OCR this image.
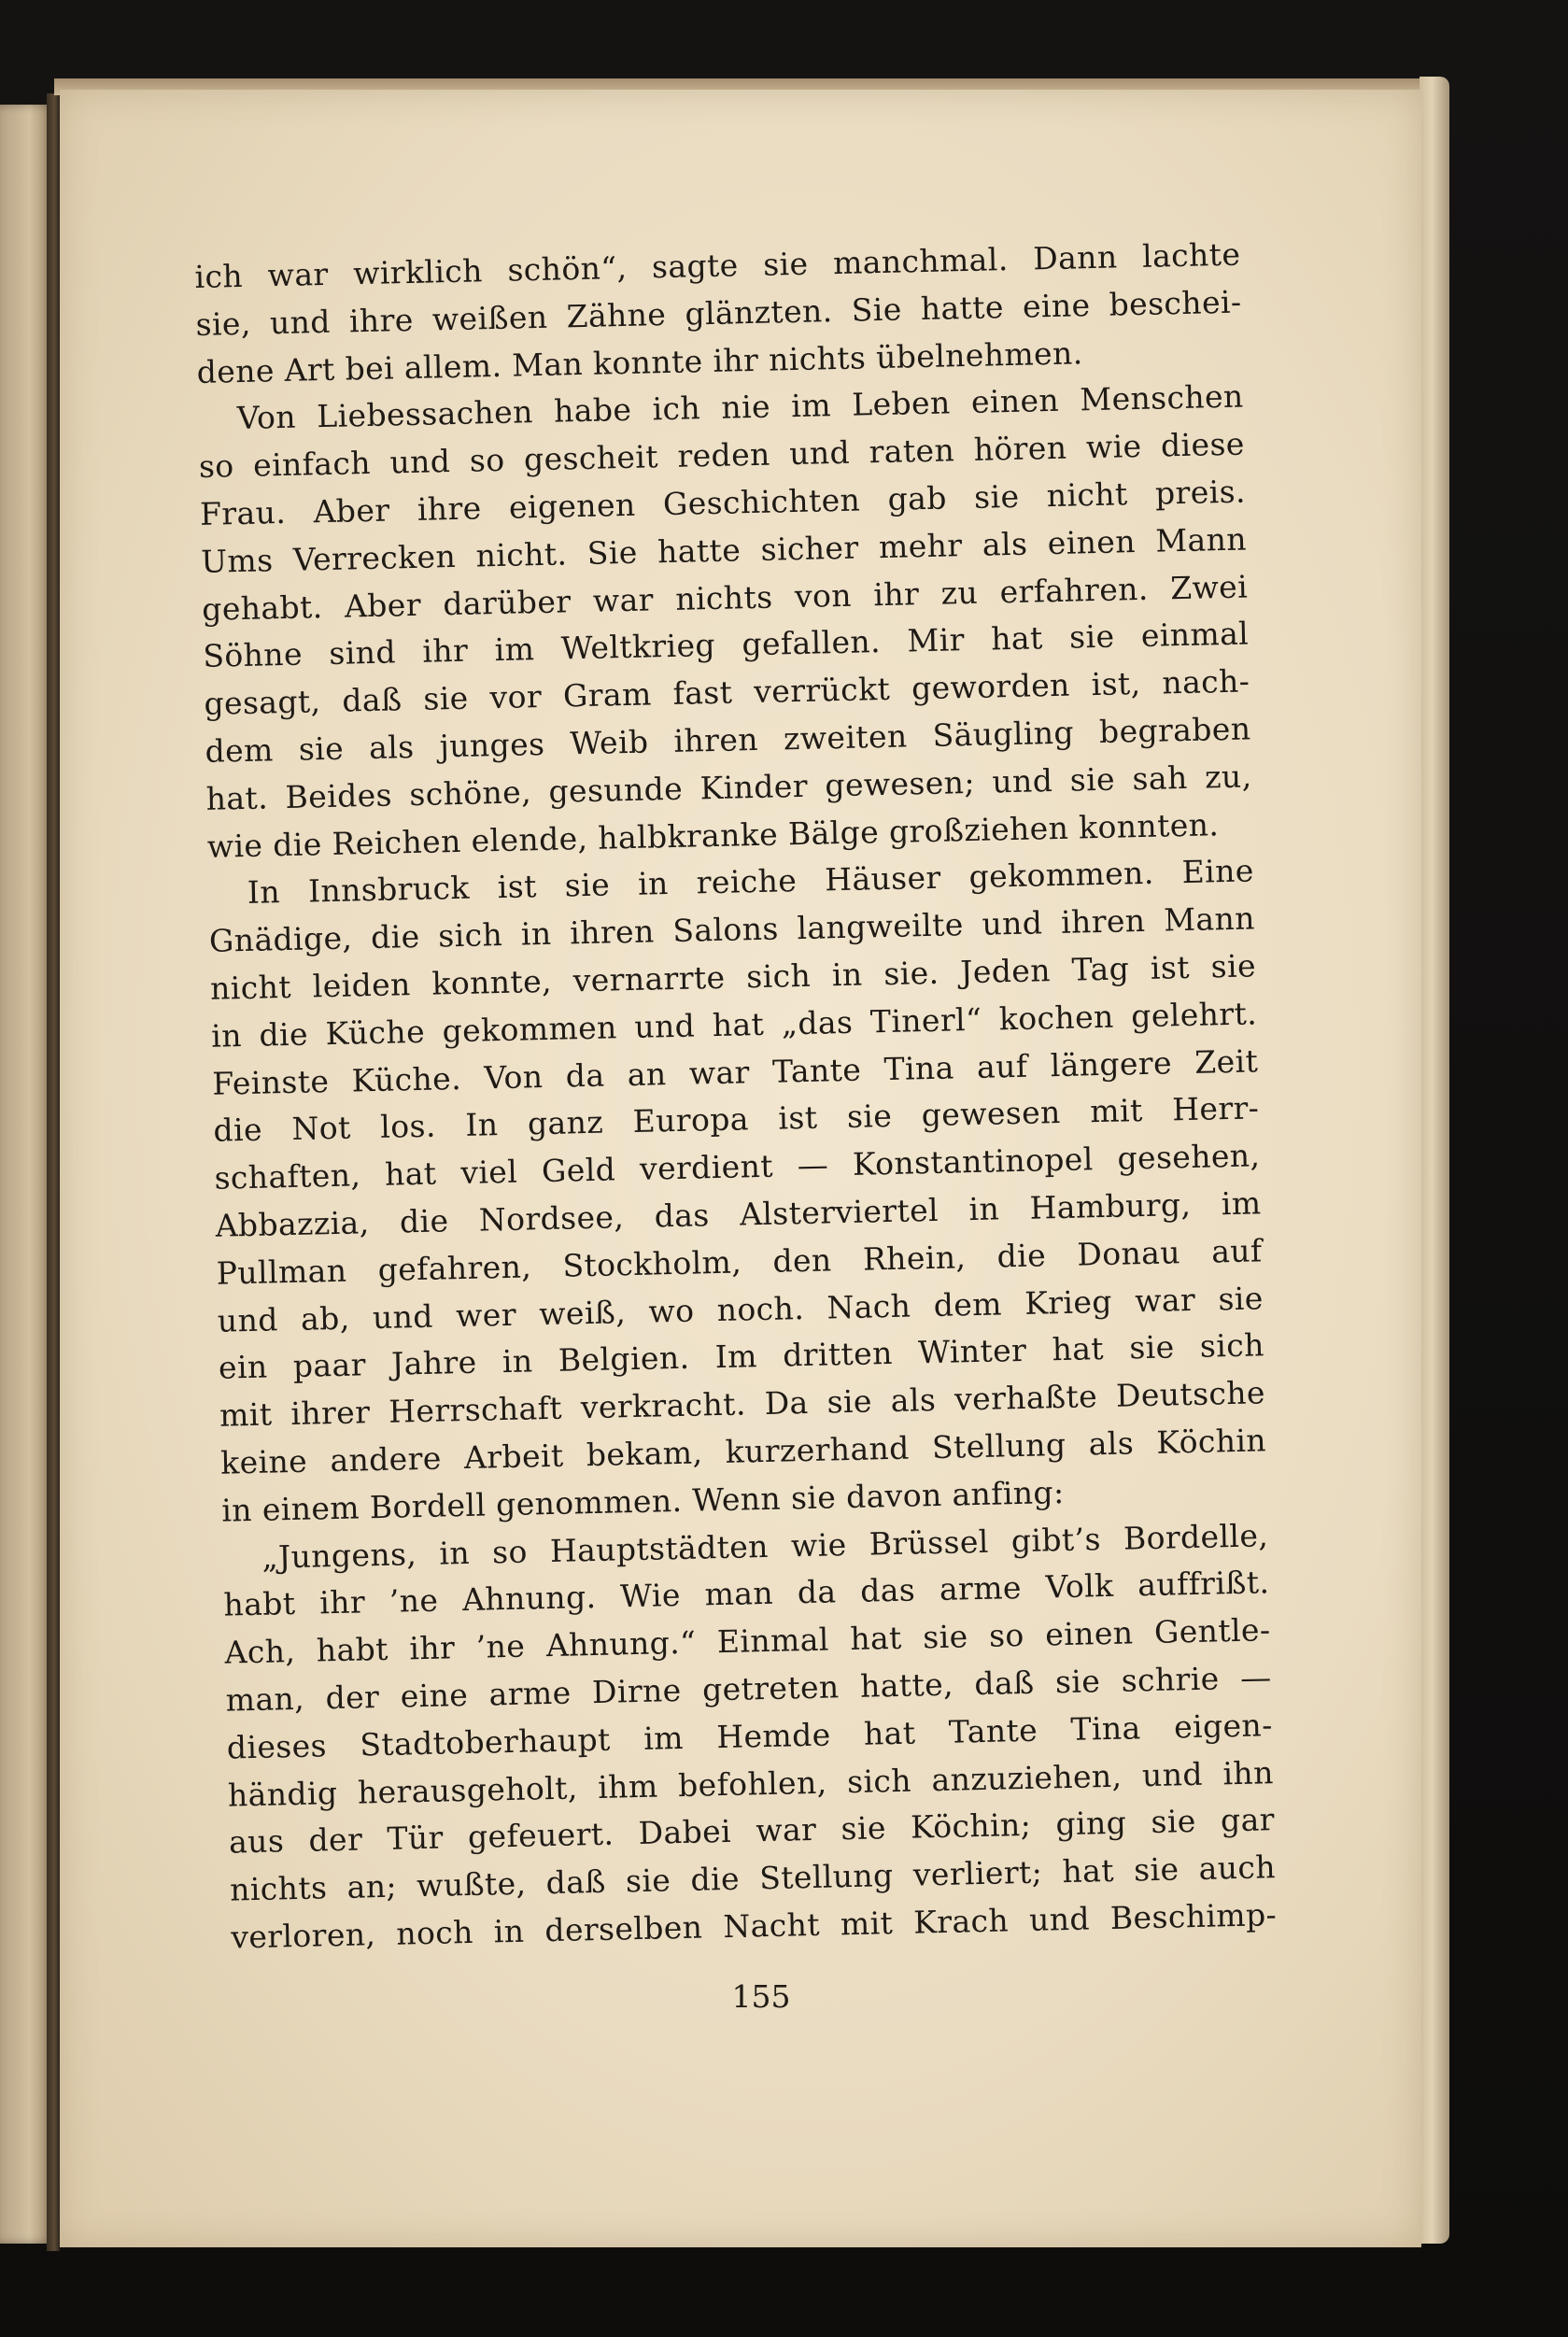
ich war wirklich schön“, sagte sie manchmal. Dann lachte
sie, und ihre weißen Zähne glänzten. Sie hatte eine beschei-
dene Art bei allem. Man konnte ihr nichts übelnehmen.
Von Liebessachen habe ich nie im Leben einen Menschen
so einfach und so gescheit reden und raten hören wie diese
Frau. Aber ihre eigenen Geschichten gab sie nicht preis.
Ums Verrecken nicht. Sie hatte sicher mehr als einen Mann
gehabt. Aber darüber war nichts von ihr zu erfahren. Zwei
Söhne sind ihr im Weltkrieg gefallen. Mir hat sie einmal
gesagt, daß sie vor Gram fast verrückt geworden ist, nach-
dem sie als junges Weib ihren zweiten Säugling begraben
hat. Beides schöne, gesunde Kinder gewesen; und sie sah zu,
wie die Reichen elende, halbkranke Bälge großziehen konnten.
In Innsbruck ist sie in reiche Häuser gekommen. Eine
Gnädige, die sich in ihren Salons langweilte und ihren Mann
nicht leiden konnte, vernarrte sich in sie. Jeden Tag ist sie
in die Küche gekommen und hat „das Tinerl“ kochen gelehrt.
Feinste Küche. Von da an war Tante Tina auf längere Zeit
die Not los. In ganz Europa ist sie gewesen mit Herr-
schaften, hat viel Geld verdient — Konstantinopel gesehen,
Abbazzia, die Nordsee, das Alsterviertel in Hamburg, im
Pullman gefahren, Stockholm, den Rhein, die Donau auf
und ab, und wer weiß, wo noch. Nach dem Krieg war sie
ein paar Jahre in Belgien. Im dritten Winter hat sie sich
mit ihrer Herrschaft verkracht. Da sie als verhaßte Deutsche
keine andere Arbeit bekam, kurzerhand Stellung als Köchin
in einem Bordell genommen. Wenn sie davon anfing:
„Jungens, in so Hauptstädten wie Brüssel gibt’s Bordelle,
habt ihr ’ne Ahnung. Wie man da das arme Volk auffrißt.
Ach, habt ihr ’ne Ahnung.“ Einmal hat sie so einen Gentle-
man, der eine arme Dirne getreten hatte, daß sie schrie —
dieses Stadtoberhaupt im Hemde hat Tante Tina eigen-
händig herausgeholt, ihm befohlen, sich anzuziehen, und ihn
aus der Tür gefeuert. Dabei war sie Köchin; ging sie gar
nichts an; wußte, daß sie die Stellung verliert; hat sie auch
verloren, noch in derselben Nacht mit Krach und Beschimp-
155
